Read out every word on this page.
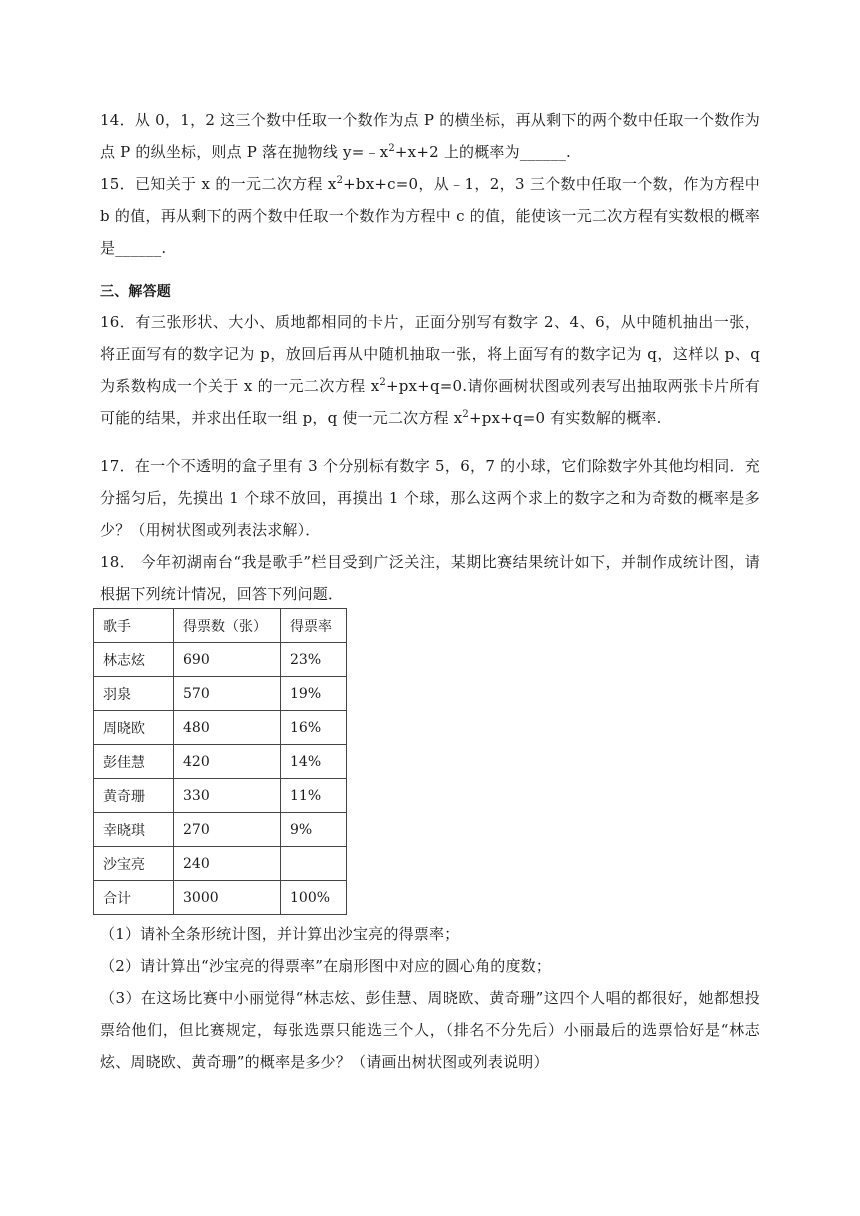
14．从 0，1，2 这三个数中任取一个数作为点 P 的横坐标，再从剩下的两个数中任取一个数作为点 P 的纵坐标，则点 P 落在抛物线 $y=﹣x^2+x+2$ 上的概率为______.
15．已知关于 x 的一元二次方程 $x^2+bx+c=0$，从﹣1，2，3 三个数中任取一个数，作为方程中 b 的值，再从剩下的两个数中任取一个数作为方程中 c 的值，能使该一元二次方程有实数根的概率是______.
三、解答题
16．有三张形状、大小、质地都相同的卡片，正面分别写有数字 2、4、6，从中随机抽出一张，将正面写有的数字记为 p，放回后再从中随机抽取一张，将上面写有的数字记为 q，这样以 p、q 为系数构成一个关于 x 的一元二次方程 $x^2+px+q=0$.请你画树状图或列表写出抽取两张卡片所有可能的结果，并求出任取一组 p，q 使一元二次方程 $x^2+px+q=0$ 有实数解的概率.
17．在一个不透明的盒子里有 3 个分别标有数字 5，6，7 的小球，它们除数字外其他均相同．充分摇匀后，先摸出 1 个球不放回，再摸出 1 个球，那么这两个求上的数字之和为奇数的概率是多少？（用树状图或列表法求解）．
18． 今年初湖南台“我是歌手”栏目受到广泛关注，某期比赛结果统计如下，并制作成统计图，请根据下列统计情况，回答下列问题．
歌手	得票数（张）	得票率
林志炫	690	23%
羽泉	570	19%
周晓欧	480	16%
彭佳慧	420	14%
黄奇珊	330	11%
幸晓琪	270	9%
沙宝亮	240	
合计	3000	100%
（1）请补全条形统计图，并计算出沙宝亮的得票率；
（2）请计算出“沙宝亮的得票率”在扇形图中对应的圆心角的度数；
（3）在这场比赛中小丽觉得“林志炫、彭佳慧、周晓欧、黄奇珊”这四个人唱的都很好，她都想投票给他们，但比赛规定，每张选票只能选三个人，（排名不分先后）小丽最后的选票恰好是“林志炫、周晓欧、黄奇珊”的概率是多少？（请画出树状图或列表说明）
